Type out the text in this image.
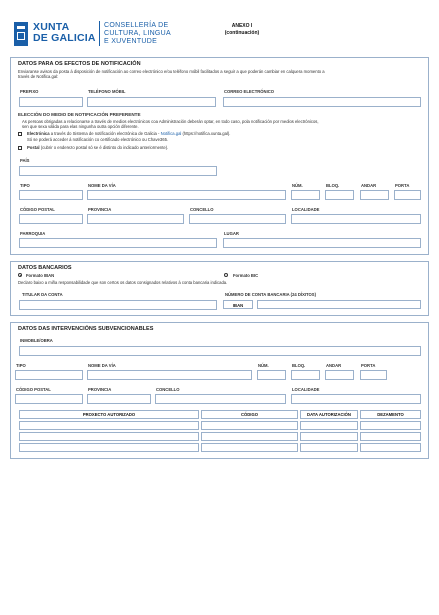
XUNTA
DE GALICIA
CONSELLERÍA DE
CULTURA, LINGUA
E XUVENTUDE
ANEXO I
(continuación)
DATOS PARA OS EFECTOS DE NOTIFICACIÓN
Enviaranse avisos da posta á disposición de notificación ao correo electrónico e/ou teléfono móbil facilitados a seguir a que poderán cambiar en calquera momento a
través de Notifica.gal:
PREFIXO	TELÉFONO MÓBIL	CORREO ELECTRÓNICO
ELECCIÓN DO MEDIO DE NOTIFICACIÓN PREFERENTE
As persoas obrigadas a relacionarse a través de medios electrónicos coa Administración deberán optar, en todo caso, pola notificación por medios electrónicos,
sen que sexa válida para elas ningunha outra opción diferente.
Electrónica a través do Sistema de notificación electrónica de Galicia - Notifica.gal (https://notifica.xunta.gal).
Só se poderá acceder á notificación co certificado electrónico ou Chave365.
Postal (cubrir o enderezo postal só se é distinto do indicado anteriormente).
PAÍS
TIPO	NOME DA VÍA	NÚM.	BLOQ.	ANDAR	PORTA
CÓDIGO POSTAL	PROVINCIA	CONCELLO	LOCALIDADE
PARROQUIA	LUGAR
DATOS BANCARIOS
Formato IBAN	Formato BIC
Declaro baixo a miña responsabilidade que son certos os datos consignados relativos á conta bancaria indicada.
TITULAR DA CONTA	NÚMERO DE CONTA BANCARIA (24 DÍXITOS)
IBAN
DATOS DAS INTERVENCIÓNS SUBVENCIONABLES
INMOBLE/OBRA
TIPO	NOME DA VÍA	NÚM.	BLOQ.	ANDAR	PORTA
CÓDIGO POSTAL	PROVINCIA	CONCELLO	LOCALIDADE
PROXECTO AUTORIZADO	CÓDIGO	DATA AUTORIZACIÓN	DEZAMENTO
